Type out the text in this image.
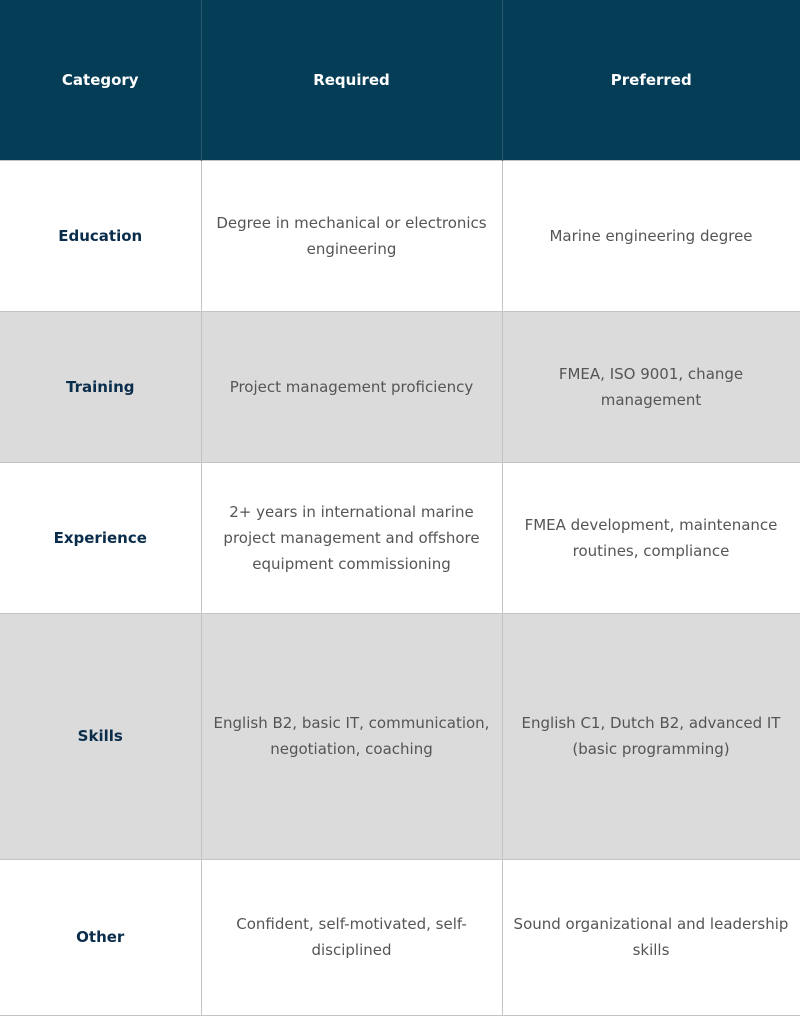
Category	Required	Preferred
Education	Degree in mechanical or electronics engineering	Marine engineering degree
Training	Project management proficiency	FMEA, ISO 9001, change management
Experience	2+ years in international marine project management and offshore equipment commissioning	FMEA development, maintenance routines, compliance
Skills	English B2, basic IT, communication, negotiation, coaching	English C1, Dutch B2, advanced IT (basic programming)
Other	Confident, self-motivated, self-disciplined	Sound organizational and leadership skills
